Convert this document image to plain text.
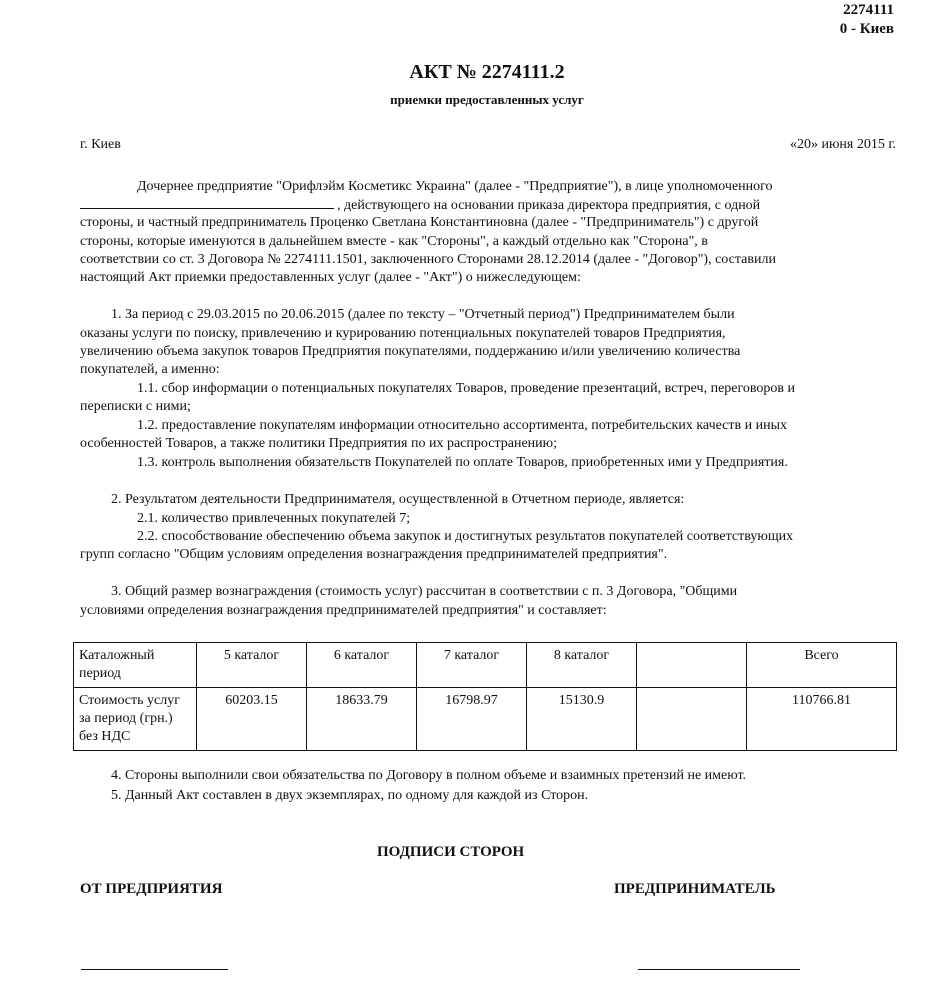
2274111
0 - Киев
АКТ № 2274111.2
приемки предоставленных услуг
г. Киев	«20» июня 2015 г.
Дочернее предприятие "Орифлэйм Косметикс Украина" (далее - "Предприятие"), в лице уполномоченного
, действующего на основании приказа директора предприятия, с одной
стороны, и частный предприниматель Проценко Светлана Константиновна (далее - "Предприниматель") с другой
стороны, которые именуются в дальнейшем вместе - как "Стороны", а каждый отдельно как "Сторона", в
соответствии со ст. 3 Договора № 2274111.1501, заключенного Сторонами 28.12.2014 (далее - "Договор"), составили
настоящий Акт приемки предоставленных услуг (далее - "Акт") о нижеследующем:
1. За период с 29.03.2015 по 20.06.2015 (далее по тексту – "Отчетный период") Предпринимателем были
оказаны услуги по поиску, привлечению и курированию потенциальных покупателей товаров Предприятия,
увеличению объема закупок товаров Предприятия покупателями, поддержанию и/или увеличению количества
покупателей, а именно:
1.1. сбор информации о потенциальных покупателях Товаров, проведение презентаций, встреч, переговоров и
переписки с ними;
1.2. предоставление покупателям информации относительно ассортимента, потребительских качеств и иных
особенностей Товаров, а также политики Предприятия по их распространению;
1.3. контроль выполнения обязательств Покупателей по оплате Товаров, приобретенных ими у Предприятия.
2. Результатом деятельности Предпринимателя, осуществленной в Отчетном периоде, является:
2.1. количество привлеченных покупателей 7;
2.2. способствование обеспечению объема закупок и достигнутых результатов покупателей соответствующих
групп согласно "Общим условиям определения вознаграждения предпринимателей предприятия".
3. Общий размер вознаграждения (стоимость услуг) рассчитан в соответствии с п. 3 Договора, "Общими
условиями определения вознаграждения предпринимателей предприятия" и составляет:
Каталожный период	5 каталог	6 каталог	7 каталог	8 каталог		Всего
Стоимость услуг за период (грн.) без НДС	60203.15	18633.79	16798.97	15130.9		110766.81
4. Стороны выполнили свои обязательства по Договору в полном объеме и взаимных претензий не имеют.
5. Данный Акт составлен в двух экземплярах, по одному для каждой из Сторон.
ПОДПИСИ СТОРОН
ОТ ПРЕДПРИЯТИЯ	ПРЕДПРИНИМАТЕЛЬ
